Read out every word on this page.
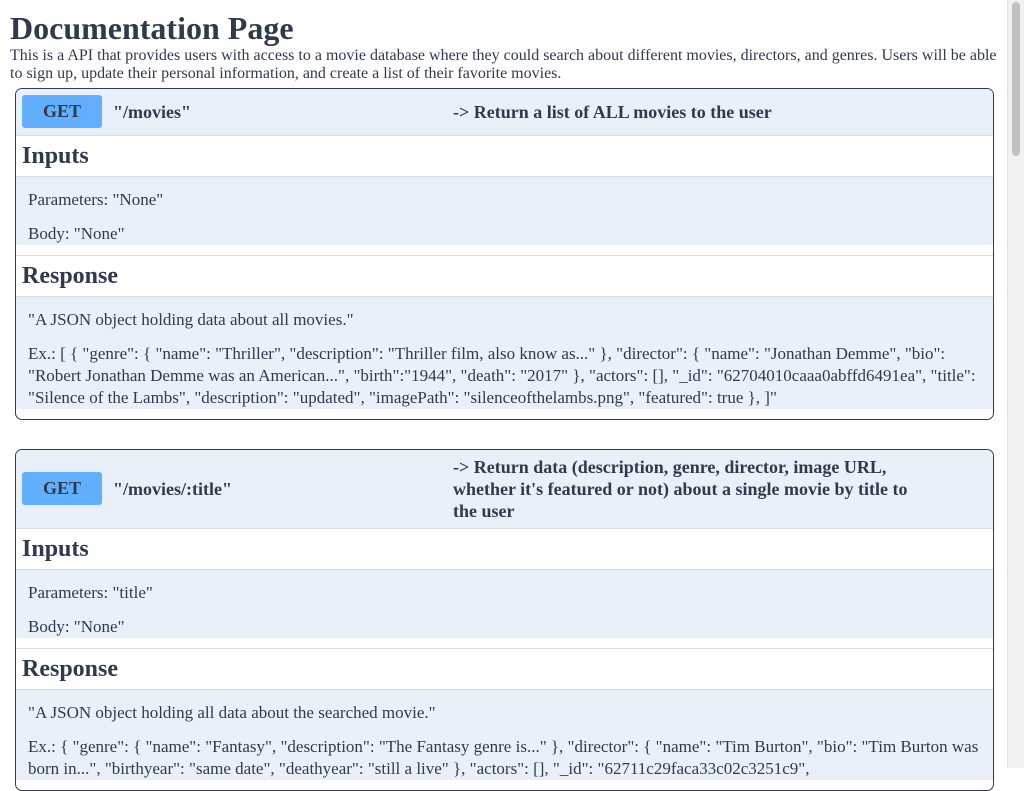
Documentation Page
This is a API that provides users with access to a movie database where they could search about different movies, directors, and genres. Users will be able to sign up, update their personal information, and create a list of their favorite movies.
GET	"/movies"	-> Return a list of ALL movies to the user
Inputs

Parameters: "None"

Body: "None"

Response

"A JSON object holding data about all movies."

Ex.: [ { "genre": { "name": "Thriller", "description": "Thriller film, also know as..." }, "director": { "name": "Jonathan Demme", "bio": "Robert Jonathan Demme was an American...", "birth":"1944", "death": "2017" }, "actors": [], "_id": "62704010caaa0abffd6491ea", "title": "Silence of the Lambs", "description": "updated", "imagePath": "silenceofthelambs.png", "featured": true }, ]"

GET	"/movies/:title"
-> Return data (description, genre, director, image URL, whether it's featured or not) about a single movie by title to the user
Inputs

Parameters: "title"

Body: "None"

Response

"A JSON object holding all data about the searched movie."

Ex.: { "genre": { "name": "Fantasy", "description": "The Fantasy genre is..." }, "director": { "name": "Tim Burton", "bio": "Tim Burton was born in...", "birthyear": "same date", "deathyear": "still a live" }, "actors": [], "_id": "62711c29faca33c02c3251c9",
